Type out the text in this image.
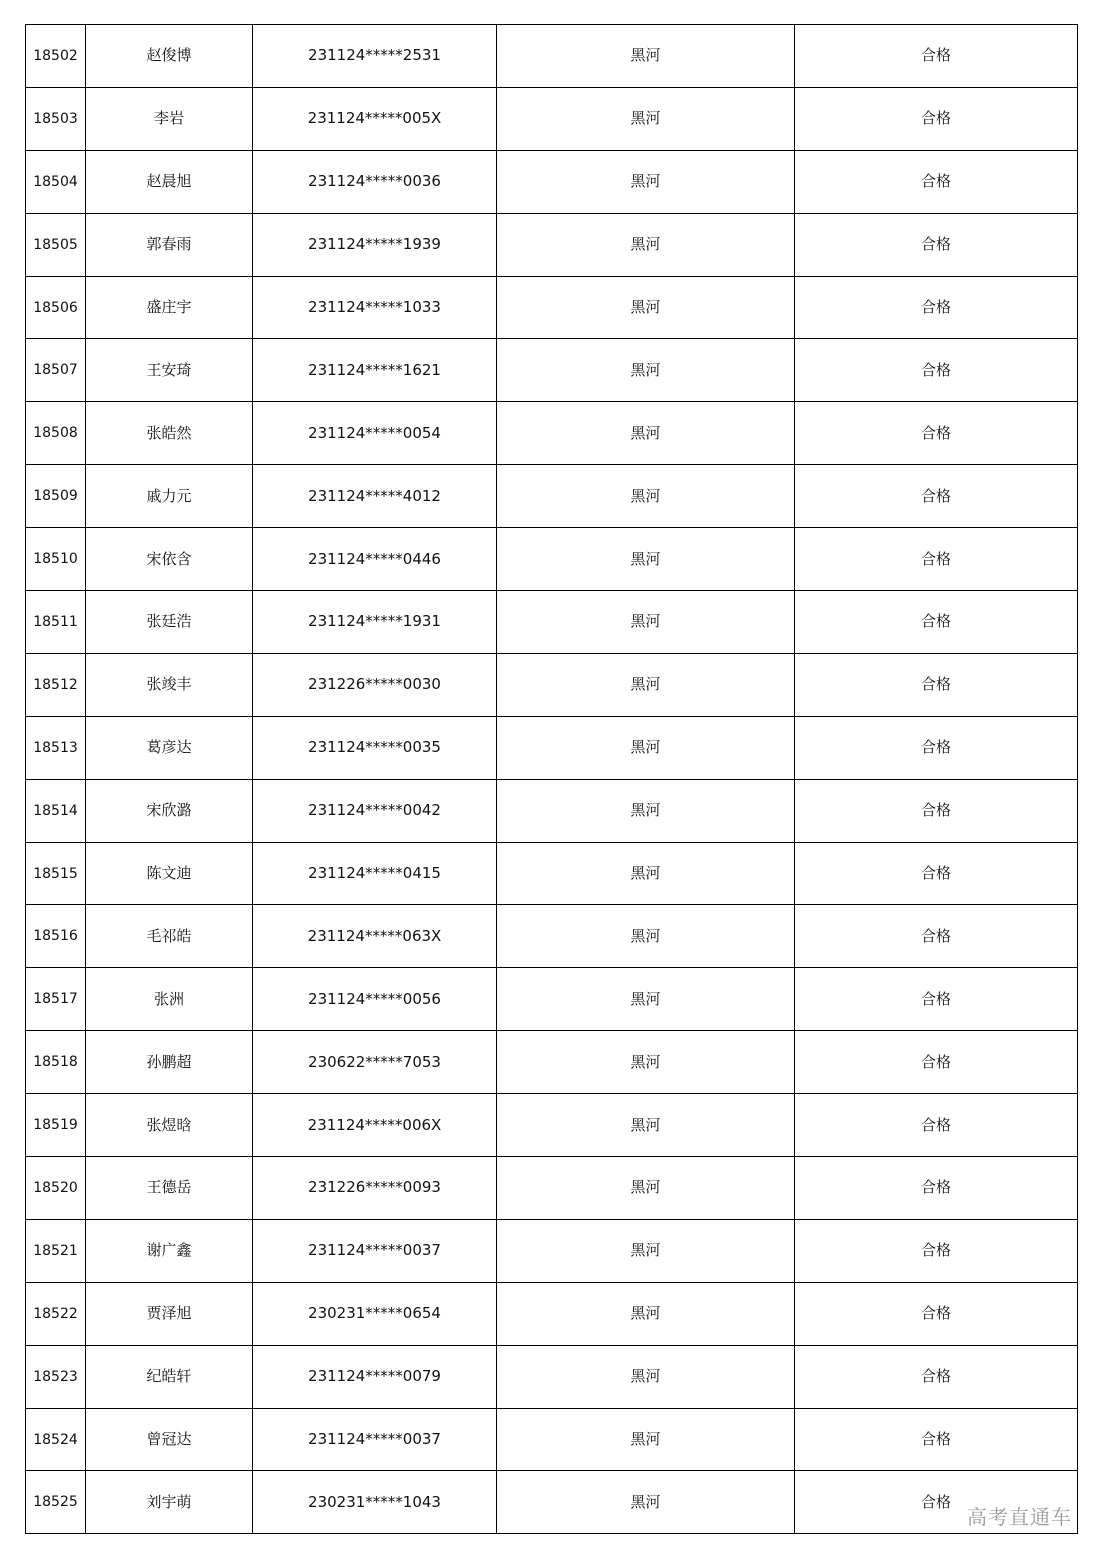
18502	赵俊博	231124*****2531	黑河	合格
18503	李岩	231124*****005X	黑河	合格
18504	赵晨旭	231124*****0036	黑河	合格
18505	郭春雨	231124*****1939	黑河	合格
18506	盛庄宇	231124*****1033	黑河	合格
18507	王安琦	231124*****1621	黑河	合格
18508	张皓然	231124*****0054	黑河	合格
18509	戚力元	231124*****4012	黑河	合格
18510	宋依含	231124*****0446	黑河	合格
18511	张廷浩	231124*****1931	黑河	合格
18512	张竣丰	231226*****0030	黑河	合格
18513	葛彦达	231124*****0035	黑河	合格
18514	宋欣潞	231124*****0042	黑河	合格
18515	陈文迪	231124*****0415	黑河	合格
18516	毛祁皓	231124*****063X	黑河	合格
18517	张洲	231124*****0056	黑河	合格
18518	孙鹏超	230622*****7053	黑河	合格
18519	张煜晗	231124*****006X	黑河	合格
18520	王德岳	231226*****0093	黑河	合格
18521	谢广鑫	231124*****0037	黑河	合格
18522	贾泽旭	230231*****0654	黑河	合格
18523	纪皓轩	231124*****0079	黑河	合格
18524	曾冠达	231124*****0037	黑河	合格
18525	刘宇萌	230231*****1043	黑河	合格
高考直通车
